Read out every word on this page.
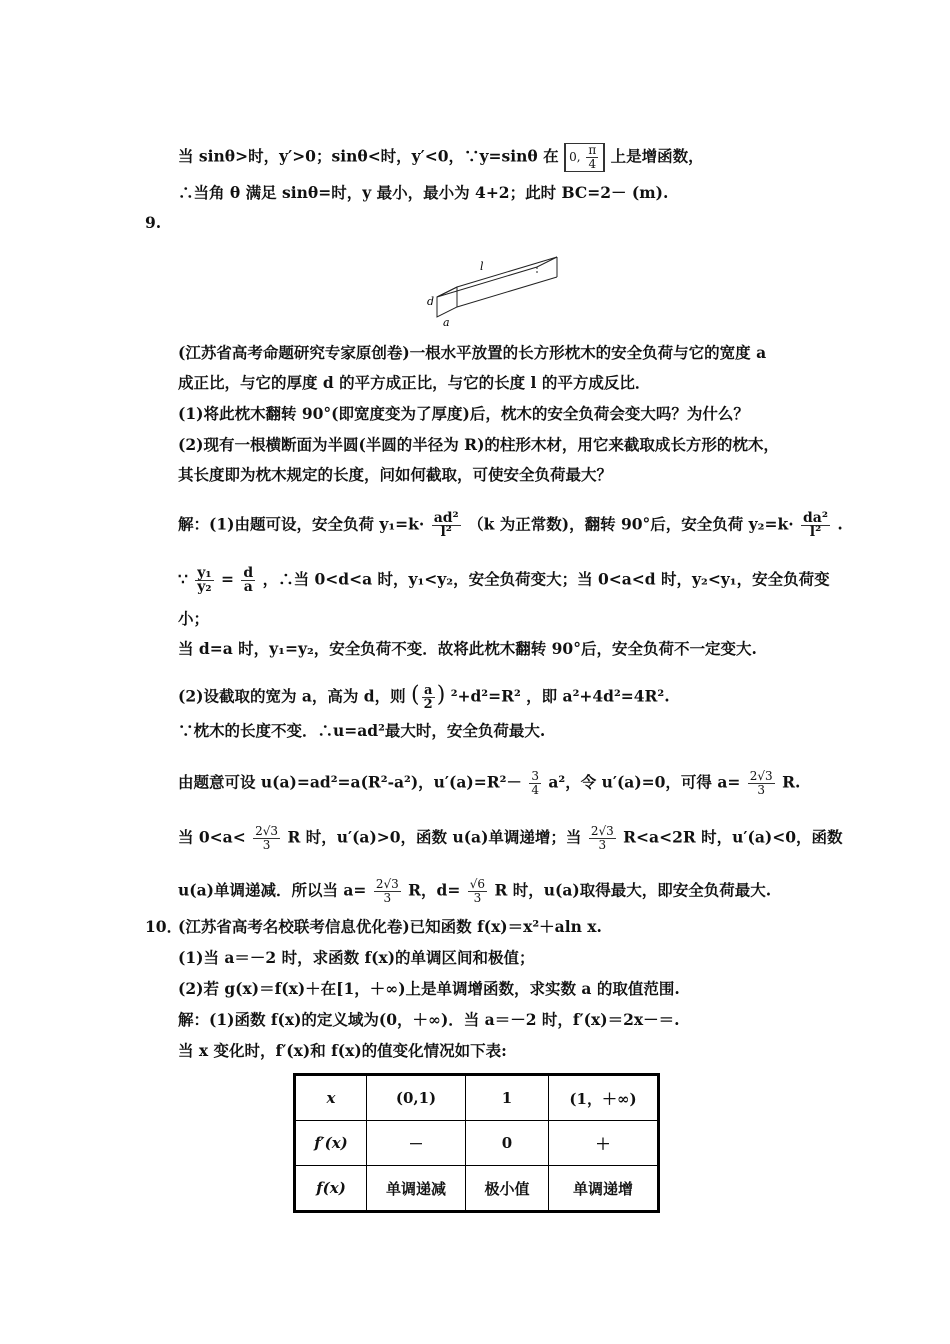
当 sinθ>时，y′>0；sinθ<时，y′<0，∵y=sinθ 在 0, $\frac{\pi}{4}$ 上是增函数，
∴当角 θ 满足 sinθ=时，y 最小，最小为 4+2；此时 BC=2－ (m).
9.
l
d
a
(江苏省高考命题研究专家原创卷)一根水平放置的长方形枕木的安全负荷与它的宽度 a
成正比，与它的厚度 d 的平方成正比，与它的长度 l 的平方成反比．
(1)将此枕木翻转 90°(即宽度变为了厚度)后，枕木的安全负荷会变大吗？为什么？
(2)现有一根横断面为半圆(半圆的半径为 R)的柱形木材，用它来截取成长方形的枕木，
其长度即为枕木规定的长度，问如何截取，可使安全负荷最大？
解：(1)由题可设，安全负荷 $y_1=k\cdot \frac{\text{ad²}}{\text{l²}} (k$ 为正常数)，翻转 90°后，安全负荷 $y_2=k\cdot \frac{\text{da²}}{\text{l²}}$ .
∵ $\frac{\text{y₁}}{\text{y₂}} = \frac{d}{a}$ ，∴当 0<d<a 时，y₁<y₂，安全负荷变大；当 0<a<d 时，y₂<y₁，安全负荷变
小；
当 d=a 时，y₁=y₂，安全负荷不变．故将此枕木翻转 90°后，安全负荷不一定变大.
(2)设截取的宽为 a，高为 d，则 ( $\frac{a}{2}$ ) ²+d²=R² ，即 a²+4d²=4R².
∵枕木的长度不变．∴u=ad²最大时，安全负荷最大.
由题意可设 u(a)=ad²=a(R²-a²)，$u'(a)=R^2- \frac{3}{4} a^2$，令 u′(a)=0，可得 $a= \frac{2√3}{3} R$.
当 $0<a< \frac{2√3}{3}$ R 时，u′(a)>0，函数 u(a)单调递增；当 $\frac{2√3}{3} R<a<2R$ 时，u′(a)<0，函数
u(a)单调递减．所以当 $a= \frac{2√3}{3}$ R，$d= \frac{√6}{3}$ R 时，u(a)取得最大，即安全负荷最大.
10．
(江苏省高考名校联考信息优化卷)已知函数 f(x)＝x²＋aln x.
(1)当 a＝－2 时，求函数 f(x)的单调区间和极值；
(2)若 g(x)＝f(x)＋在[1，＋∞)上是单调增函数，求实数 a 的取值范围.
解：(1)函数 f(x)的定义域为(0，＋∞)．当 a＝－2 时，f′(x)＝2x－＝.
当 x 变化时，f′(x)和 f(x)的值变化情况如下表:
x	(0,1)	1	(1，＋∞)
f′(x)	－	0	＋
f(x)	单调递减	极小值	单调递增
